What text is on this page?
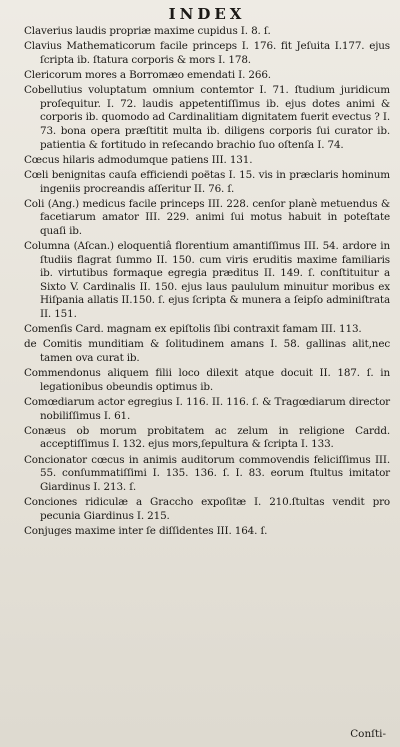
INDEX

Claverius laudis propriæ maxime cupidus I. 8. ſ.

Clavius Mathematicorum facile princeps I. 176. fit Jeſuita I.177. ejus ſcripta ib. ſtatura corporis & mors I. 178.

Clericorum mores a Borromæo emendati I. 266.

Cobellutius voluptatum omnium contemtor I. 71. ſtudium juridicum proſequitur. I. 72. laudis appetentiſſimus ib. ejus dotes animi & corporis ib. quomodo ad Cardinalitiam dignitatem fuerit evectus ? I. 73. bona opera præſtitit multa ib. diligens corporis ſui curator ib. patientia & fortitudo in reſecando brachio ſuo oſtenſa I. 74.

Cœcus hilaris admodumque patiens III. 131.

Cœli benignitas cauſa efficiendi poëtas I. 15. vis in præclaris hominum ingeniis procreandis aſſeritur II. 76. ſ.

Coli (Ang.) medicus facile princeps III. 228. cenſor planè metuendus & facetiarum amator III. 229. animi ſui motus habuit in poteſtate quaſi ib.

Columna (Aſcan.) eloquentiâ florentium amantiſſimus III. 54. ardore in ſtudiis flagrat ſummo II. 150. cum viris eruditis maxime familiaris ib. virtutibus formaque egregia præditus II. 149. ſ. conſtituitur a Sixto V. Cardinalis II. 150. ejus laus paululum minuitur moribus ex Hiſpania allatis II.150. ſ. ejus ſcripta & munera a ſeipſo adminiſtrata II. 151.

Comenſis Card. magnam ex epiſtolis ſibi contraxit famam III. 113.

de Comitis munditiam & ſolitudinem amans I. 58. gallinas alit,nec tamen ova curat ib.

Commendonus aliquem filii loco dilexit atque docuit II. 187. ſ. in legationibus obeundis optimus ib.

Comœdiarum actor egregius I. 116. II. 116. ſ. & Tragœdiarum director nobiliſſimus I. 61.

Conæus ob morum probitatem ac zelum in religione Cardd. acceptiſſimus I. 132. ejus mors,ſepultura & ſcripta I. 133.

Concionator cœcus in animis auditorum commovendis feliciſſimus III. 55. conſummatiſſimi I. 135. 136. ſ. I. 83. eorum ſtultus imitator Giardinus I. 213. ſ.

Conciones ridiculæ a Graccho expoſitæ I. 210.ſtultas vendit pro pecunia Giardinus I. 215.

Conjuges maxime inter ſe diſſidentes III. 164. ſ.

Conſti-
